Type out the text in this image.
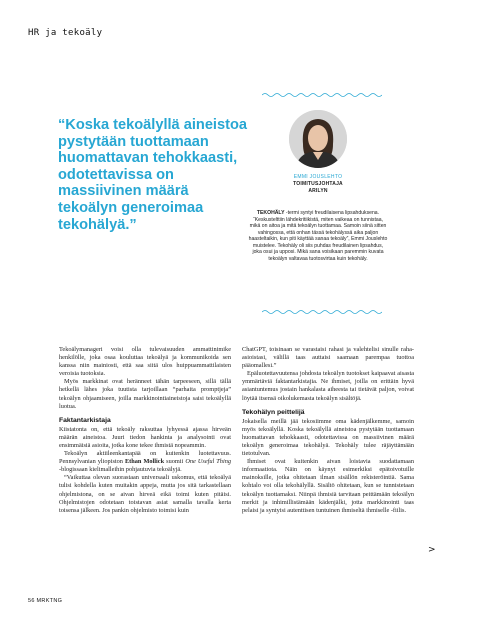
HR ja tekoäly

“Koska tekoälyllä aineistoa pystytään tuottamaan huomattavan tehokkaasti, odotettavissa on massiivinen määrä tekoälyn generoimaa tekohälyä.”

EMMI JOUSLEHTO
TOIMITUSJOHTAJA
ARILYN

TEKOHÄLY -termi syntyi freudilaisena lipsahduksena. “Keskustelttiin lähdekritiikistä, miten vaikeaa on tunnistaa, mikä on aitoa ja mitä tekoälyn tuottamaa. Samoin siinä sitten vahingossa, että onhan tässä tekohälyssä aika paljon haasteltaikin, kun piti käyttää sanaa tekoäly”, Emmi Jouslehto muistelee. Tekohäly oli siis puhdas freudilainen lipsahdus, joka osui ja upposi. Mikä sana voisikaan paremmin kuvata tekoälyn valtavaa tuotosvirtaa kuin tekohäly.

Tekoälymanageri voisi olla tulevaisuuden ammattinimike henkilölle, joka osaa kouluttaa tekoälyä ja kommunikoida sen kanssa niin mainiosti, että saa siitä ulos huippuammattilaisten veroisia tuotoksia.

Myös markkinat ovat heränneet tähän tarpeeseen, sillä tällä hetkellä lähes joka tuutista tarjoillaan “parhaita promptjeja” tekoälyn ohjaamiseen, joilla markkinointiaineistoja saisi tekoälyllä luotua.

Faktantarkistaja

Kiistatonta on, että tekoäly raksuttaa lyhyessä ajassa hirveän määrän aineistoa. Juuri tiedon hankinta ja analysointi ovat ensimmäisiä asioita, jotka kone tekee ihmistä nopeammin.

Tekoälyn aktiileenkantapää on kuitenkin luotettavuus. Pennsylvanian yliopiston Ethan Mollick suomii One Useful Thing -blogissaan kielimalleihin pohjautuvia tekoälyjä.

“Vaikuttaa olevan suorastaan universaali uskomus, että tekoälyä tulisi kohdella kuten muitakin appeja, mutta jos sitä tarkastellaan ohjelmistona, on se aivan hirveä eikä toimi kuten pitäisi. Ohjelmistojen odotetaan toistavan asiat samalla tavalla kerta toisensa jälkeen. Jos pankin ohjelmisto toimisi kuin

ChatGPT, toisinaan se varastaisi rahasi ja valehtelisi sinulle raha-asioistasi, välillä taas auttaisi saamaan parempaa tuottoa pääomallesi.”

Epäluotettavuutensa johdosta tekoälyn tuotokset kaipaavat aisasta ymmärtäviä faktantarkistajia. Ne ihmiset, joilla on erittäin hyvä asiantuntemus jostain hankalasta aiheesta tai tietävät paljon, voivat löytää itsensä oikolukemasta tekoälyn sisältöjä.

Tekohälyn peittelijä

Jokaisella meillä jää tekosiimme oma kädenjälkemme, samoin myös tekoälyllä. Koska tekoälyllä aineistoa pystytään tuottamaan huomattavan tehokkaasti, odotettavissa on massiivinen määrä tekoälyn generoimaa tekohälyä. Tekohäly tulee räjäyttämään tietotulvan.

Ihmiset ovat kuitenkin aivan loistavia suodattamaan informaatiota. Näin on käynyt esimerkiksi epätoivotuille mainoksille, jotka ohitetaan ilman sisällön rekisteröintiä. Sama kohtalo voi olla tekohälyllä. Sisältö ohitetaan, kun se tunnistetaan tekoälyn tuottamaksi. Niinpä ihmisiä tarvitaan peittämään tekoälyn merkit ja inhimillistämään kädenjälki, jotta markkinointi taas pelaisi ja syntyisi autenttisen tuntuinen ihmiseltä ihmiselle -fiilis.

>
56 MRKTNG
